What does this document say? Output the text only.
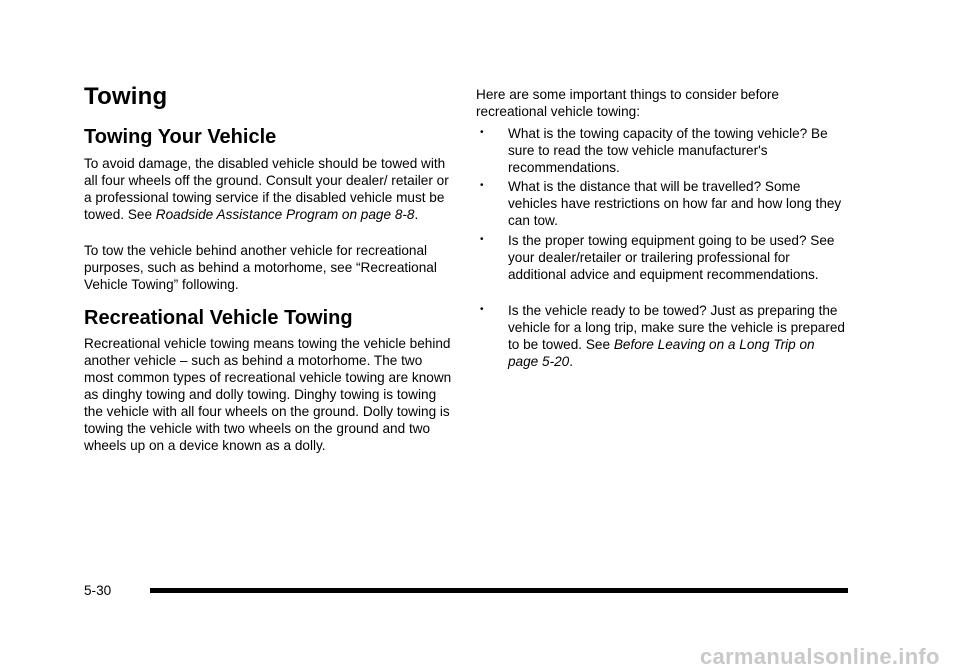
Towing
Towing Your Vehicle

To avoid damage, the disabled vehicle should be towed with all four wheels off the ground. Consult your dealer/ retailer or a professional towing service if the disabled vehicle must be towed. See Roadside Assistance Program on page 8-8.

To tow the vehicle behind another vehicle for recreational purposes, such as behind a motorhome, see “Recreational Vehicle Towing” following.

Recreational Vehicle Towing

Recreational vehicle towing means towing the vehicle behind another vehicle – such as behind a motorhome. The two most common types of recreational vehicle towing are known as dinghy towing and dolly towing. Dinghy towing is towing the vehicle with all four wheels on the ground. Dolly towing is towing the vehicle with two wheels on the ground and two wheels up on a device known as a dolly.

Here are some important things to consider before recreational vehicle towing:

• What is the towing capacity of the towing vehicle? Be sure to read the tow vehicle manufacturer's recommendations.
• What is the distance that will be travelled? Some vehicles have restrictions on how far and how long they can tow.
• Is the proper towing equipment going to be used? See your dealer/retailer or trailering professional for additional advice and equipment recommendations.
• Is the vehicle ready to be towed? Just as preparing the vehicle for a long trip, make sure the vehicle is prepared to be towed. See Before Leaving on a Long Trip on page 5-20.
5-30
carmanualsonline.info
